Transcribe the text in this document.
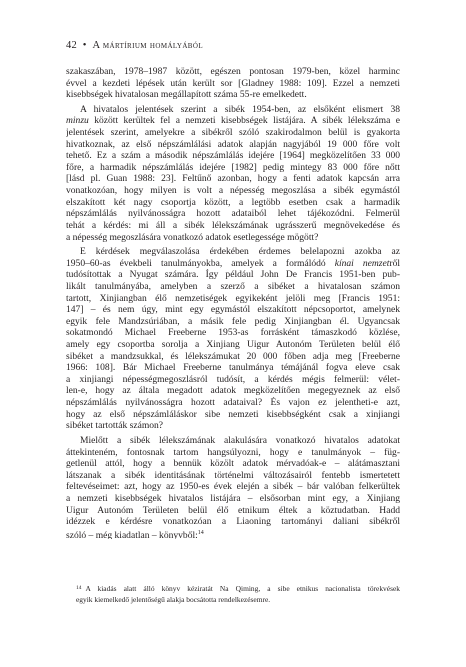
42 • A mártírium homályából
szakaszában, 1978–1987 között, egészen pontosan 1979-ben, közel harminc
évvel a kezdeti lépések után került sor [Gladney 1988: 109]. Ezzel a nemzeti
kisebbségek hivatalosan megállapított száma 55-re emelkedett.
A hivatalos jelentések szerint a sibék 1954-ben, az elsőként elismert 38
minzu között kerültek fel a nemzeti kisebbségek listájára. A sibék lélekszáma e
jelentések szerint, amelyekre a sibékről szóló szakirodalmon belül is gyakorta
hivatkoznak, az első népszámlálási adatok alapján nagyjából 19 000 főre volt
tehető. Ez a szám a második népszámlálás idejére [1964] megközelítően 33 000
főre, a harmadik népszámlálás idejére [1982] pedig mintegy 83 000 főre nőtt
[lásd pl. Guan 1988: 23]. Feltűnő azonban, hogy a fenti adatok kapcsán arra
vonatkozóan, hogy milyen is volt a népesség megoszlása a sibék egymástól
elszakított két nagy csoportja között, a legtöbb esetben csak a harmadik
népszámlálás nyilvánosságra hozott adataiból lehet tájékozódni. Felmerül
tehát a kérdés: mi áll a sibék lélekszámának ugrásszerű megnövekedése és
a népesség megoszlására vonatkozó adatok esetlegessége mögött?
E kérdések megválaszolása érdekében érdemes belelapozni azokba az
1950–60-as évekbeli tanulmányokba, amelyek a formálódó kínai nemzetről
tudósítottak a Nyugat számára. Így például John De Francis 1951-ben pub-
likált tanulmányába, amelyben a szerző a sibéket a hivatalosan számon
tartott, Xinjiangban élő nemzetiségek egyikeként jelöli meg [Francis 1951:
147] – és nem úgy, mint egy egymástól elszakított népcsoportot, amelynek
egyik fele Mandzsúriában, a másik fele pedig Xinjiangban él. Ugyancsak
sokatmondó Michael Freeberne 1953-as forrásként támaszkodó közlése,
amely egy csoportba sorolja a Xinjiang Uigur Autonóm Területen belül élő
sibéket a mandzsukkal, és lélekszámukat 20 000 főben adja meg [Freeberne
1966: 108]. Bár Michael Freeberne tanulmánya témájánál fogva eleve csak
a xinjiangi népességmegoszlásról tudósít, a kérdés mégis felmerül: vélet-
len-e, hogy az általa megadott adatok megközelítően megegyeznek az első
népszámlálás nyilvánosságra hozott adataival? És vajon ez jelentheti-e azt,
hogy az első népszámláláskor sibe nemzeti kisebbségként csak a xinjiangi
sibéket tartották számon?
Mielőtt a sibék lélekszámának alakulására vonatkozó hivatalos adatokat
áttekinteném, fontosnak tartom hangsúlyozni, hogy e tanulmányok – füg-
getlenül attól, hogy a bennük közölt adatok mérvadóak-e – alátámasztani
látszanak a sibék identitásának történelmi változásairól fentebb ismertetett
feltevéseimet: azt, hogy az 1950-es évek elején a sibék – bár valóban felkerültek
a nemzeti kisebbségek hivatalos listájára – elsősorban mint egy, a Xinjiang
Uigur Autonóm Területen belül élő etnikum éltek a köztudatban. Hadd
idézzek e kérdésre vonatkozóan a Liaoning tartományi daliani sibékről
szóló – még kiadatlan – könyvből:$^{14}$
$^{14}$ A kiadás alatt álló könyv kéziratát Na Qiming, a sibe etnikus nacionalista törekvések
egyik kiemelkedő jelentőségű alakja bocsátotta rendelkezésemre.
